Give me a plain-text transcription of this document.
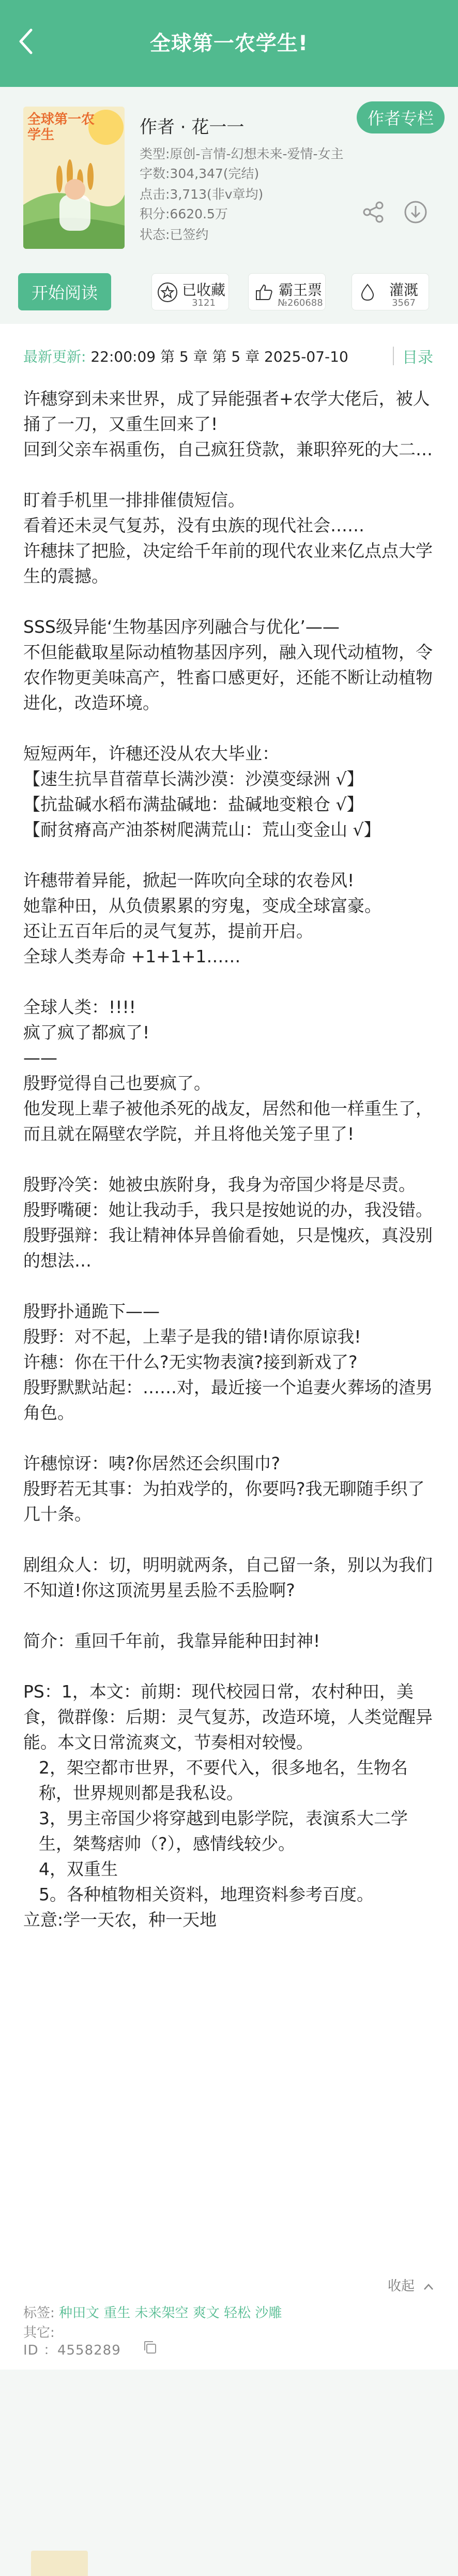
全球第一农学生!
全球第一农学生	作者 · 花一一	作者专栏
类型:原创-言情-幻想未来-爱情-女主
字数:304,347(完结)
点击:3,713(非v章均)
积分:6620.5万
状态:已签约
开始阅读	已收藏
3121
霸王票
№260688
灌溉
3567
最新更新: 22:00:09 第 5 章 第 5 章 2025-07-10	目录

许穗穿到未来世界，成了异能强者+农学大佬后，被人捅了一刀，又重生回来了!

回到父亲车祸重伤，自己疯狂贷款，兼职猝死的大二…

盯着手机里一排排催债短信。

看着还未灵气复苏，没有虫族的现代社会……

许穗抹了把脸，决定给千年前的现代农业来亿点点大学生的震撼。

SSS级异能‘生物基因序列融合与优化’——

不但能截取星际动植物基因序列，融入现代动植物，令农作物更美味高产，牲畜口感更好，还能不断让动植物进化，改造环境。

短短两年，许穗还没从农大毕业：

【速生抗旱苜蓿草长满沙漠：沙漠变绿洲 √】

【抗盐碱水稻布满盐碱地：盐碱地变粮仓 √】

【耐贫瘠高产油茶树爬满荒山：荒山变金山 √】

许穗带着异能，掀起一阵吹向全球的农卷风!

她靠种田，从负债累累的穷鬼，变成全球富豪。

还让五百年后的灵气复苏，提前开启。

全球人类寿命 +1+1+1……

全球人类：!!!!

疯了疯了都疯了!

——

殷野觉得自己也要疯了。

他发现上辈子被他杀死的战友，居然和他一样重生了，而且就在隔壁农学院，并且将他关笼子里了!

殷野冷笑：她被虫族附身，我身为帝国少将是尽责。

殷野嘴硬：她让我动手，我只是按她说的办，我没错。

殷野强辩：我让精神体异兽偷看她，只是愧疚，真没别的想法…

殷野扑通跪下——

殷野：对不起，上辈子是我的错!请你原谅我!

许穗：你在干什么?无实物表演?接到新戏了?

殷野默默站起：……对，最近接一个追妻火葬场的渣男角色。

许穗惊讶：咦?你居然还会织围巾?

殷野若无其事：为拍戏学的，你要吗?我无聊随手织了几十条。

剧组众人：切，明明就两条，自己留一条，别以为我们不知道!你这顶流男星丢脸不丢脸啊?

简介：重回千年前，我靠异能种田封神!

PS：1，本文：前期：现代校园日常，农村种田，美食，微群像：后期：灵气复苏，改造环境，人类觉醒异能。本文日常流爽文，节奏相对较慢。

2，架空都市世界，不要代入，很多地名，生物名称，世界规则都是我私设。

3，男主帝国少将穿越到电影学院，表演系大二学生，桀骜痞帅（?），感情线较少。

4，双重生

5。各种植物相关资料，地理资料参考百度。

立意:学一天农，种一天地

收起
标签: 种田文 重生 未来架空 爽文 轻松 沙雕
其它:
ID ：4558289
